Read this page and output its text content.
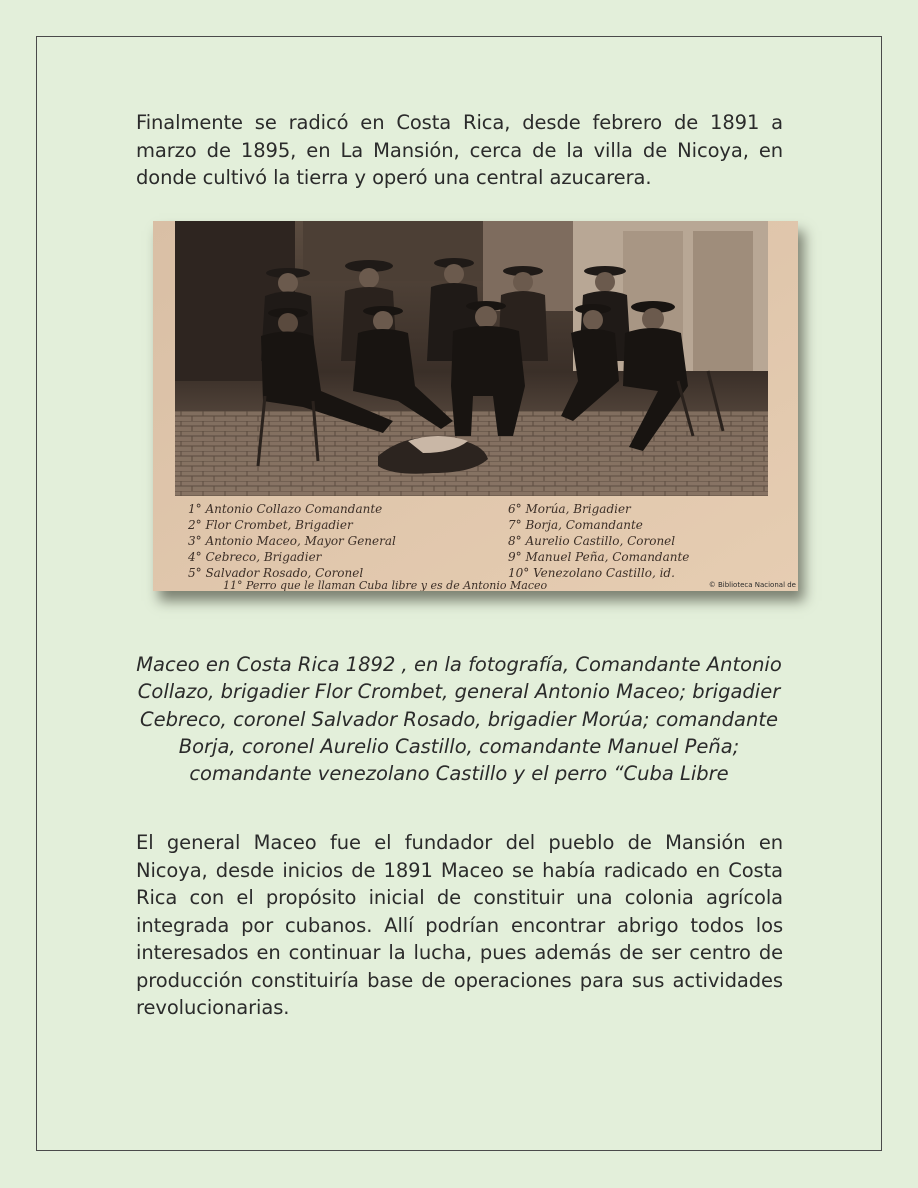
Finalmente se radicó en Costa Rica, desde febrero de 1891 a marzo de 1895, en La Mansión, cerca de la villa de Nicoya, en donde cultivó la tierra y operó una central azucarera.

1° Antonio Collazo Comandante
2° Flor Crombet, Brigadier
3° Antonio Maceo, Mayor General
4° Cebreco, Brigadier
5° Salvador Rosado, Coronel
6° Morúa, Brigadier
7° Borja, Comandante
8° Aurelio Castillo, Coronel
9° Manuel Peña, Comandante
10° Venezolano Castillo, id.
11° Perro que le llaman Cuba libre y es de Antonio Maceo	© Biblioteca Nacional de

Maceo en Costa Rica 1892 , en la fotografía, Comandante Antonio Collazo, brigadier Flor Crombet, general Antonio Maceo; brigadier Cebreco, coronel Salvador Rosado, brigadier Morúa; comandante Borja, coronel Aurelio Castillo, comandante Manuel Peña; comandante venezolano Castillo y el perro “Cuba Libre

El general Maceo fue el fundador del pueblo de Mansión en Nicoya, desde inicios de 1891 Maceo se había radicado en Costa Rica con el propósito inicial de constituir una colonia agrícola integrada por cubanos. Allí podrían encontrar abrigo todos los interesados en continuar la lucha, pues además de ser centro de producción constituiría base de operaciones para sus actividades revolucionarias.
